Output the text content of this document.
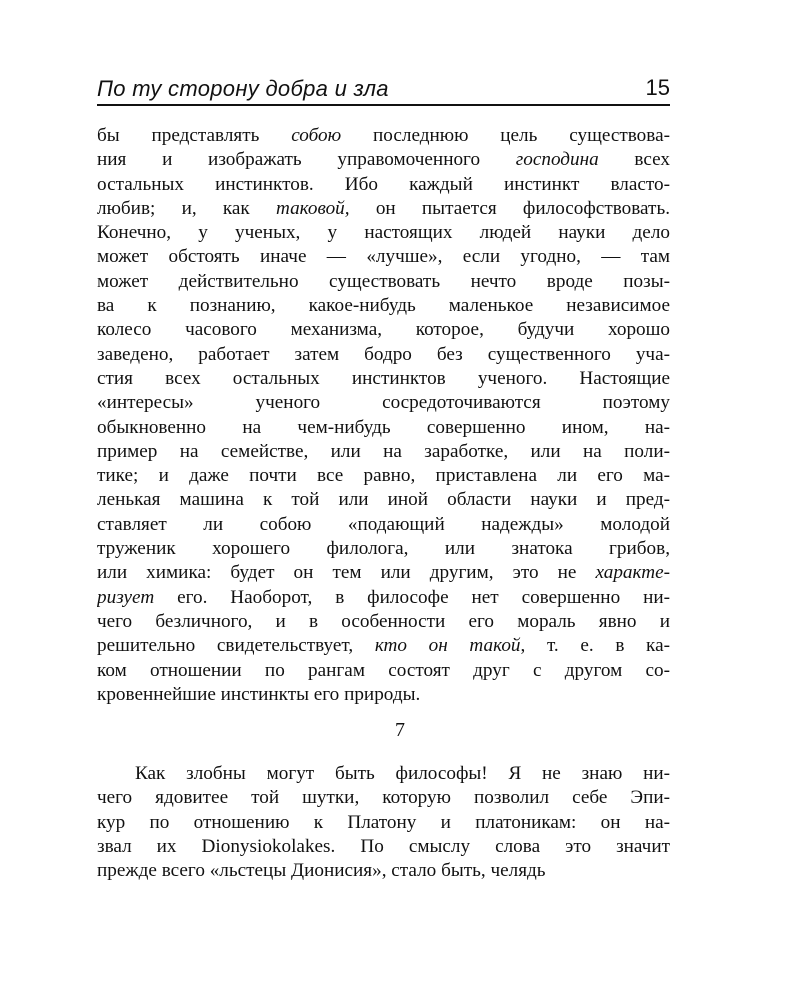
По ту сторону добра и зла	15
бы представлять собою последнюю цель существова-
ния и изображать управомоченного господина всех
остальных инстинктов. Ибо каждый инстинкт власто-
любив; и, как таковой, он пытается философствовать.
Конечно, у ученых, у настоящих людей науки дело
может обстоять иначе — «лучше», если угодно, — там
может действительно существовать нечто вроде позы-
ва к познанию, какое-нибудь маленькое независимое
колесо часового механизма, которое, будучи хорошо
заведено, работает затем бодро без существенного уча-
стия всех остальных инстинктов ученого. Настоящие
«интересы» ученого сосредоточиваются поэтому
обыкновенно на чем-нибудь совершенно ином, на-
пример на семействе, или на заработке, или на поли-
тике; и даже почти все равно, приставлена ли его ма-
ленькая машина к той или иной области науки и пред-
ставляет ли собою «подающий надежды» молодой
труженик хорошего филолога, или знатока грибов,
или химика: будет он тем или другим, это не характе-
ризует его. Наоборот, в философе нет совершенно ни-
чего безличного, и в особенности его мораль явно и
решительно свидетельствует, кто он такой, т. е. в ка-
ком отношении по рангам состоят друг с другом со-
кровеннейшие инстинкты его природы.
7
Как злобны могут быть философы! Я не знаю ни-
чего ядовитее той шутки, которую позволил себе Эпи-
кур по отношению к Платону и платоникам: он на-
звал их Dionysiokolakes. По смыслу слова это значит
прежде всего «льстецы Дионисия», стало быть, челядь
